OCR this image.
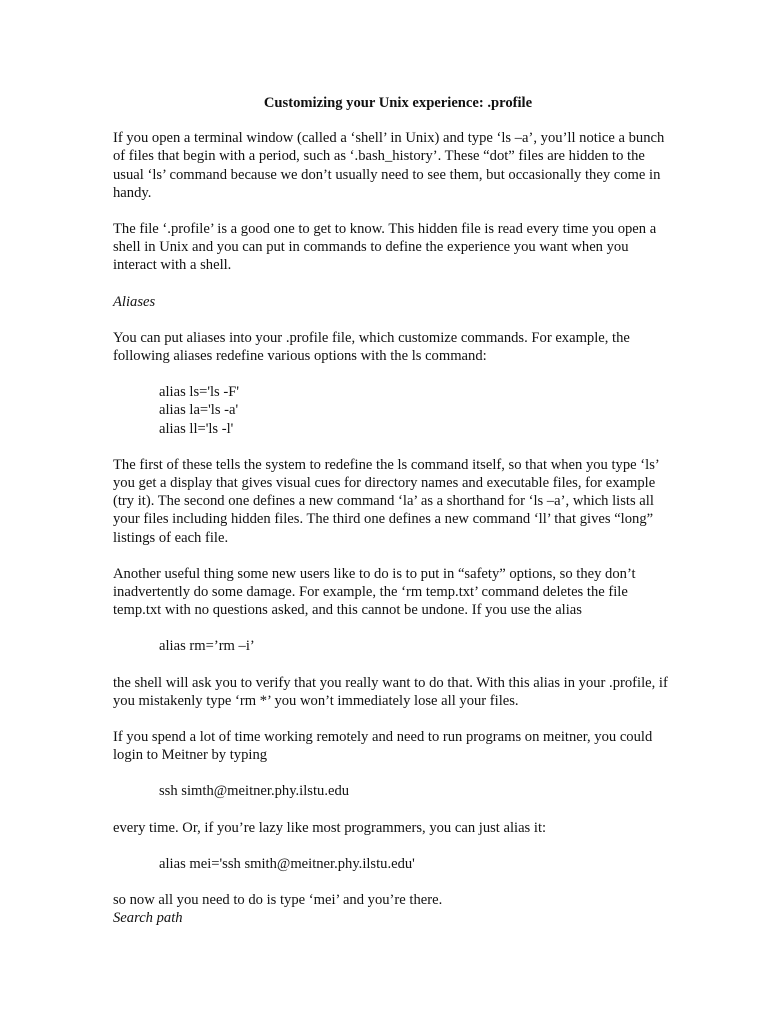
Customizing your Unix experience: .profile

If you open a terminal window (called a ‘shell’ in Unix) and type ‘ls –a’, you’ll notice a bunch of files that begin with a period, such as ‘.bash_history’. These “dot” files are hidden to the usual ‘ls’ command because we don’t usually need to see them, but occasionally they come in handy.

The file ‘.profile’ is a good one to get to know. This hidden file is read every time you open a shell in Unix and you can put in commands to define the experience you want when you interact with a shell.

Aliases

You can put aliases into your .profile file, which customize commands. For example, the following aliases redefine various options with the ls command:

alias ls='ls -F'

alias la='ls -a'

alias ll='ls -l'

The first of these tells the system to redefine the ls command itself, so that when you type ‘ls’ you get a display that gives visual cues for directory names and executable files, for example (try it). The second one defines a new command ‘la’ as a shorthand for ‘ls –a’, which lists all your files including hidden files. The third one defines a new command ‘ll’ that gives “long” listings of each file.

Another useful thing some new users like to do is to put in “safety” options, so they don’t inadvertently do some damage. For example, the ‘rm temp.txt’ command deletes the file temp.txt with no questions asked, and this cannot be undone. If you use the alias

alias rm=’rm –i’

the shell will ask you to verify that you really want to do that. With this alias in your .profile, if you mistakenly type ‘rm *’ you won’t immediately lose all your files.

If you spend a lot of time working remotely and need to run programs on meitner, you could login to Meitner by typing

ssh simth@meitner.phy.ilstu.edu

every time. Or, if you’re lazy like most programmers, you can just alias it:

alias mei='ssh smith@meitner.phy.ilstu.edu'

so now all you need to do is type ‘mei’ and you’re there.

Search path
